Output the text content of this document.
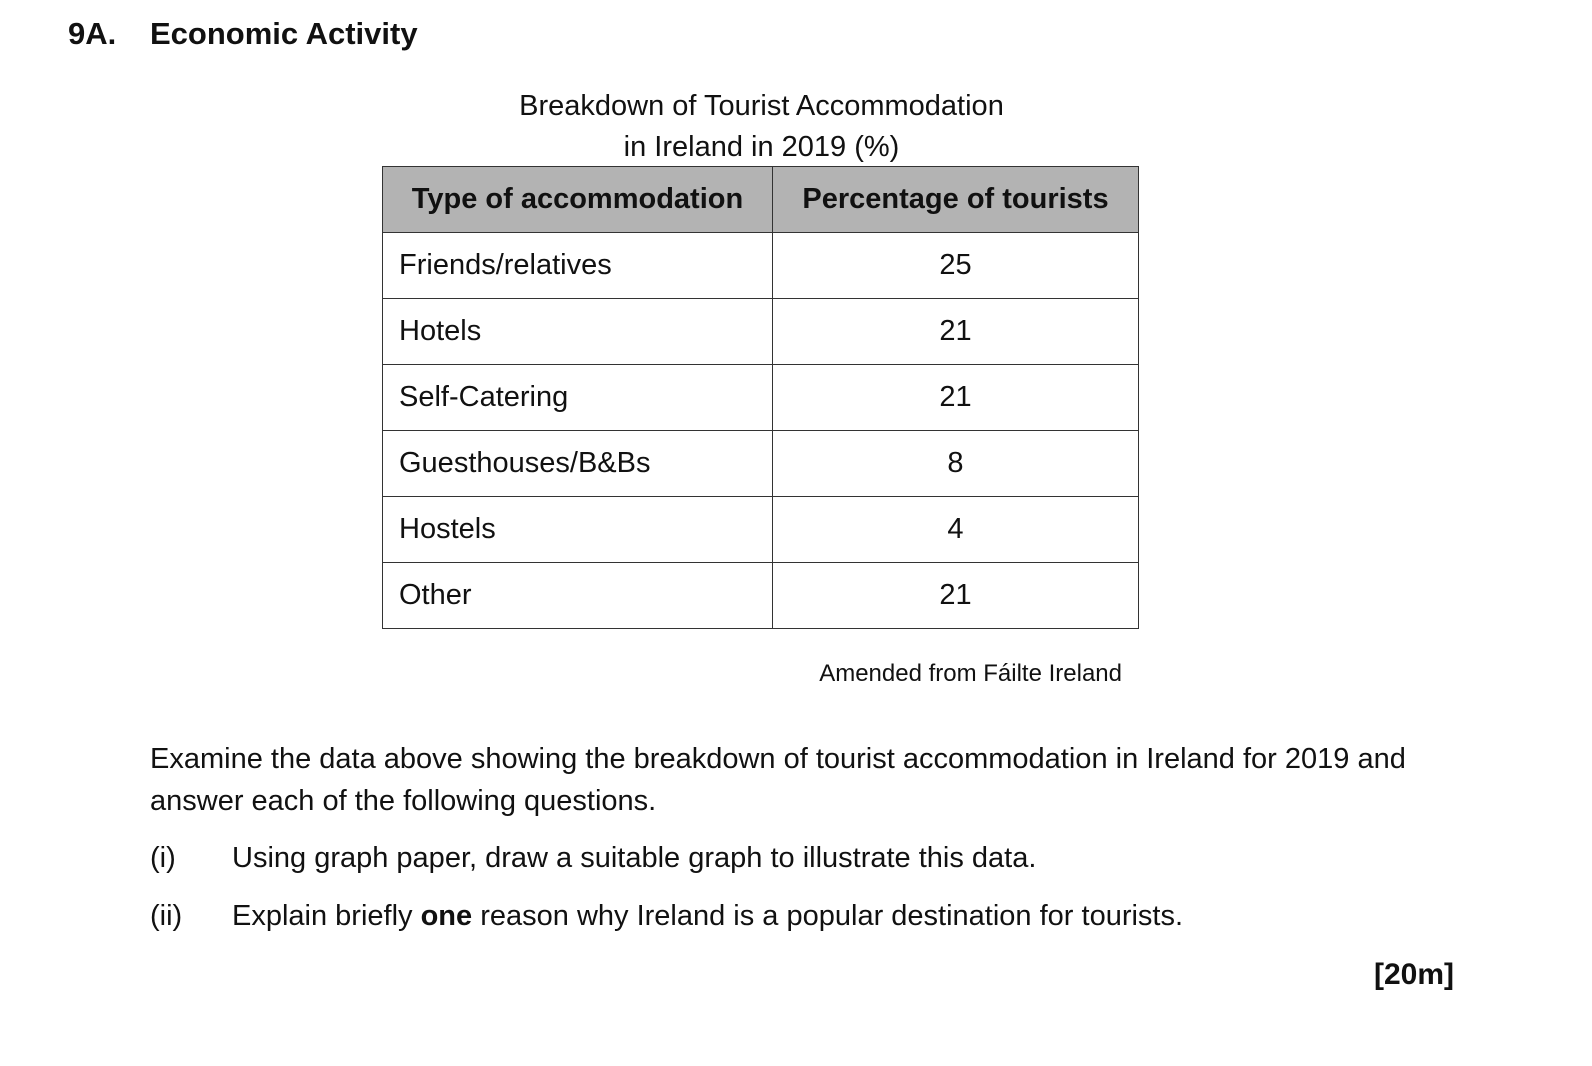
9A. Economic Activity
Breakdown of Tourist Accommodation
in Ireland in 2019 (%)
Type of accommodation	Percentage of tourists
Friends/relatives	25
Hotels	21
Self-Catering	21
Guesthouses/B&Bs	8
Hostels	4
Other	21
Amended from Fáilte Ireland
Examine the data above showing the breakdown of tourist accommodation in Ireland for 2019 and answer each of the following questions.
(i) Using graph paper, draw a suitable graph to illustrate this data.
(ii) Explain briefly one reason why Ireland is a popular destination for tourists.
[20m]
